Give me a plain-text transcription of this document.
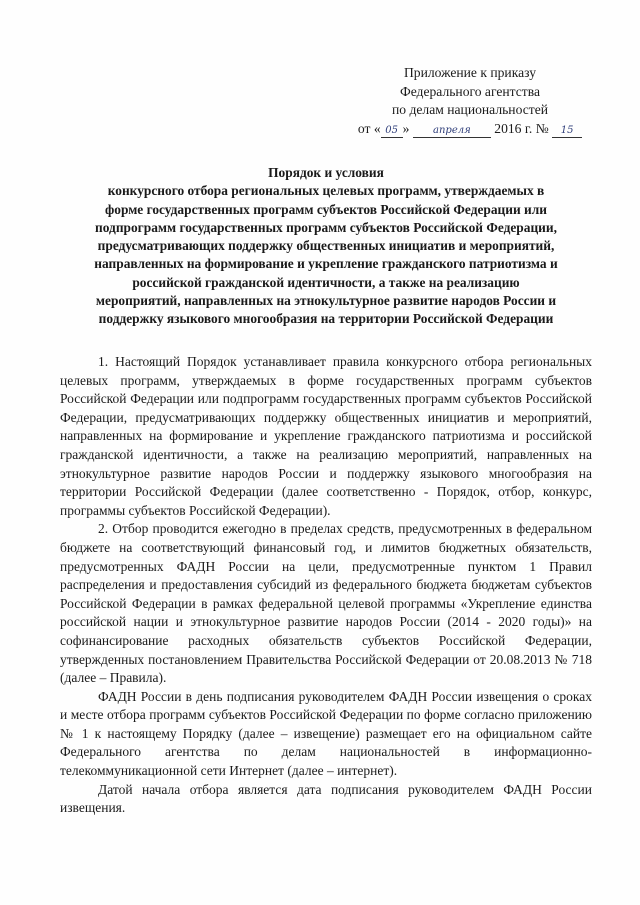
Приложение к приказу
Федерального агентства
по делам национальностей
от « 05 » апреля 2016 г. № 15
Порядок и условия
конкурсного отбора региональных целевых программ, утверждаемых в
форме государственных программ субъектов Российской Федерации или
подпрограмм государственных программ субъектов Российской Федерации,
предусматривающих поддержку общественных инициатив и мероприятий,
направленных на формирование и укрепление гражданского патриотизма и
российской гражданской идентичности, а также на реализацию
мероприятий, направленных на этнокультурное развитие народов России и
поддержку языкового многообразия на территории Российской Федерации

1. Настоящий Порядок устанавливает правила конкурсного отбора региональных целевых программ, утверждаемых в форме государственных программ субъектов Российской Федерации или подпрограмм государственных программ субъектов Российской Федерации, предусматривающих поддержку общественных инициатив и мероприятий, направленных на формирование и укрепление гражданского патриотизма и российской гражданской идентичности, а также на реализацию мероприятий, направленных на этнокультурное развитие народов России и поддержку языкового многообразия на территории Российской Федерации (далее соответственно - Порядок, отбор, конкурс, программы субъектов Российской Федерации).

2. Отбор проводится ежегодно в пределах средств, предусмотренных в федеральном бюджете на соответствующий финансовый год, и лимитов бюджетных обязательств, предусмотренных ФАДН России на цели, предусмотренные пунктом 1 Правил распределения и предоставления субсидий из федерального бюджета бюджетам субъектов Российской Федерации в рамках федеральной целевой программы «Укрепление единства российской нации и этнокультурное развитие народов России (2014 - 2020 годы)» на софинансирование расходных обязательств субъектов Российской Федерации, утвержденных постановлением Правительства Российской Федерации от 20.08.2013 № 718 (далее – Правила).

ФАДН России в день подписания руководителем ФАДН России извещения о сроках и месте отбора программ субъектов Российской Федерации по форме согласно приложению № 1 к настоящему Порядку (далее – извещение) размещает его на официальном сайте Федерального агентства по делам национальностей в информационно-телекоммуникационной сети Интернет (далее – интернет).

Датой начала отбора является дата подписания руководителем ФАДН России извещения.
